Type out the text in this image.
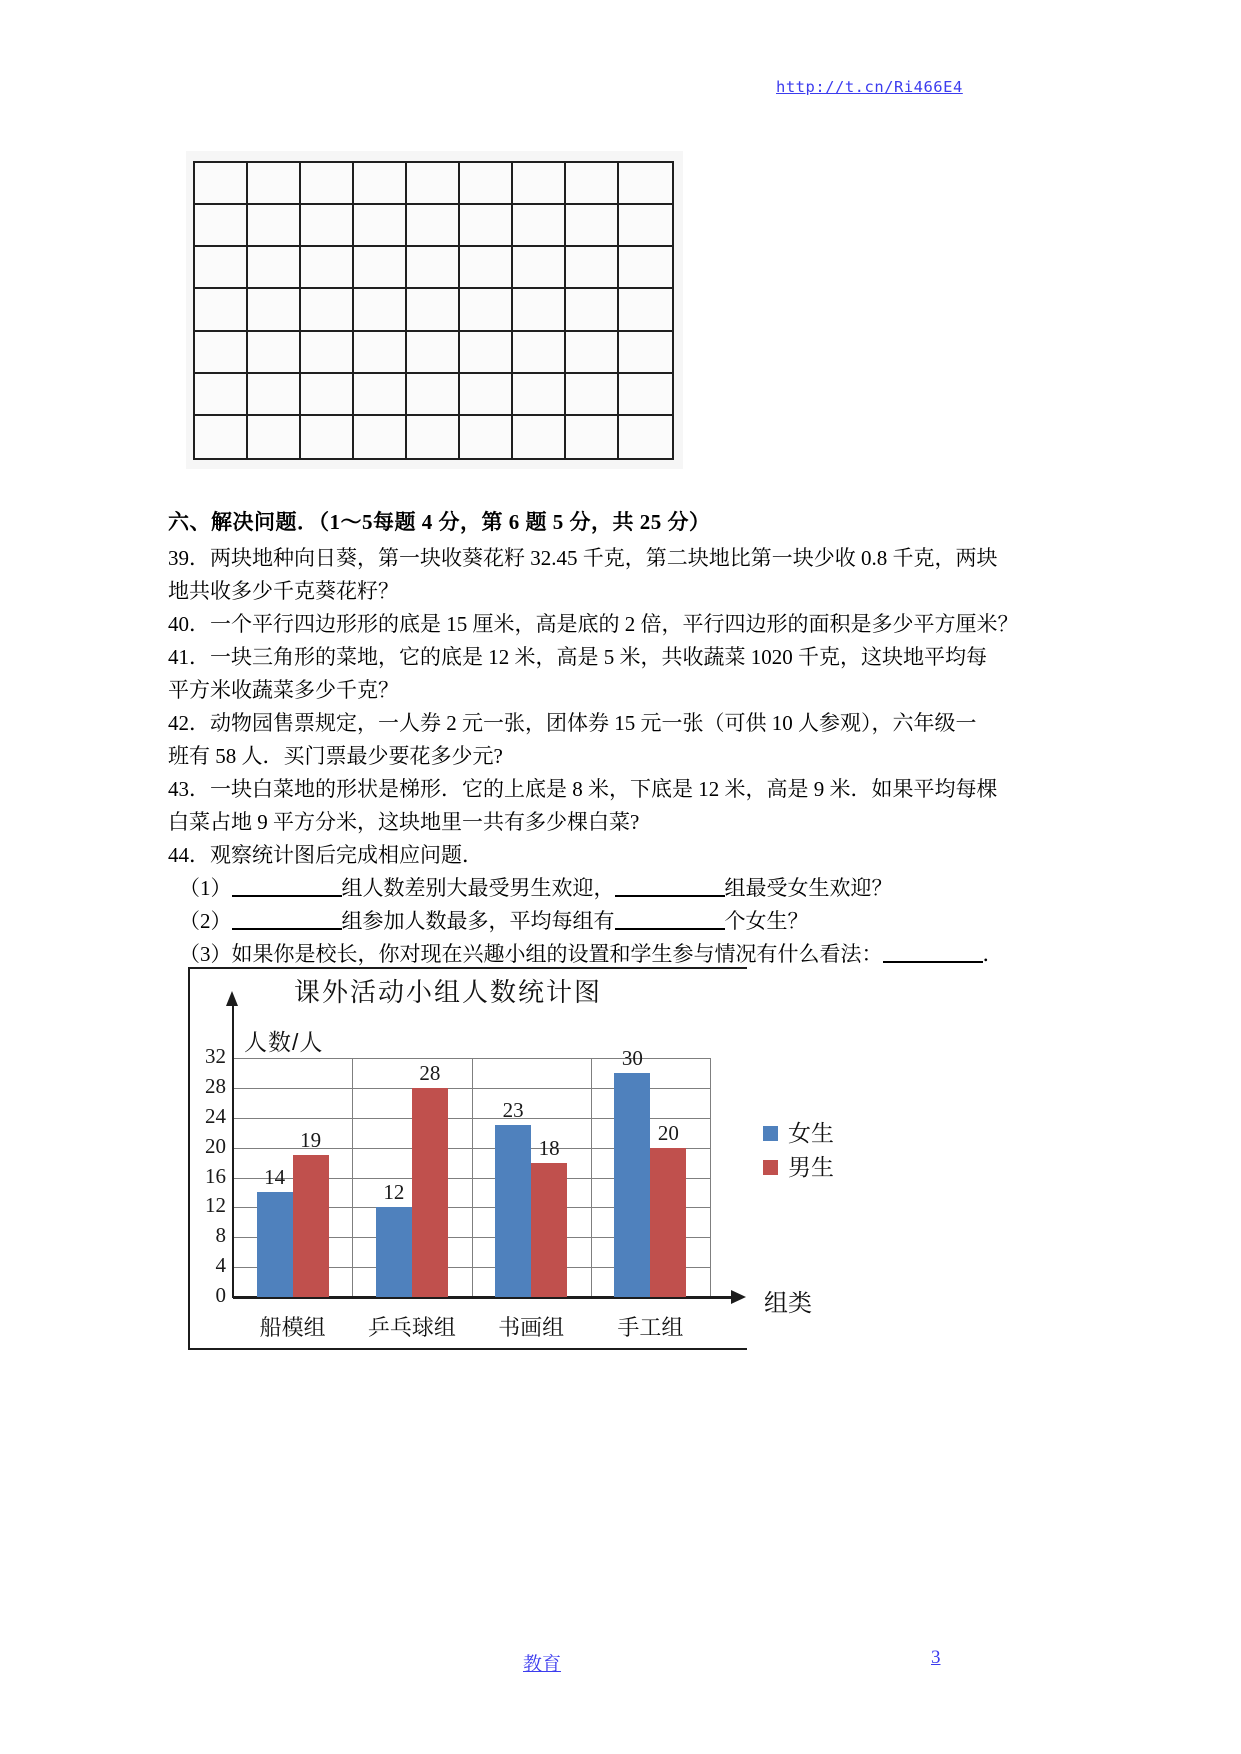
http://t.cn/Ri466E4
六、解决问题．（1～5每题 4 分，第 6 题 5 分，共 25 分）
39．两块地种向日葵，第一块收葵花籽 32.45 千克，第二块地比第一块少收 0.8 千克，两块
地共收多少千克葵花籽？
40．一个平行四边形形的底是 15 厘米，高是底的 2 倍，平行四边形的面积是多少平方厘米？
41．一块三角形的菜地，它的底是 12 米，高是 5 米，共收蔬菜 1020 千克，这块地平均每
平方米收蔬菜多少千克？
42．动物园售票规定，一人券 2 元一张，团体券 15 元一张（可供 10 人参观），六年级一
班有 58 人．买门票最少要花多少元?
43．一块白菜地的形状是梯形．它的上底是 8 米，下底是 12 米，高是 9 米．如果平均每棵
白菜占地 9 平方分米，这块地里一共有多少棵白菜?
44．观察统计图后完成相应问题．
（1）	组人数差别大最受男生欢迎，	组最受女生欢迎？
（2）	组参加人数最多，平均每组有	个女生？
（3）如果你是校长，你对现在兴趣小组的设置和学生参与情况有什么看法：	．
课外活动小组人数统计图
人数/人
32
28
24
20
16
12
8
4
0	组类
14
19
船模组
12
28
乒乓球组
23
18
书画组
30
20
手工组
女生
男生
教育	3
